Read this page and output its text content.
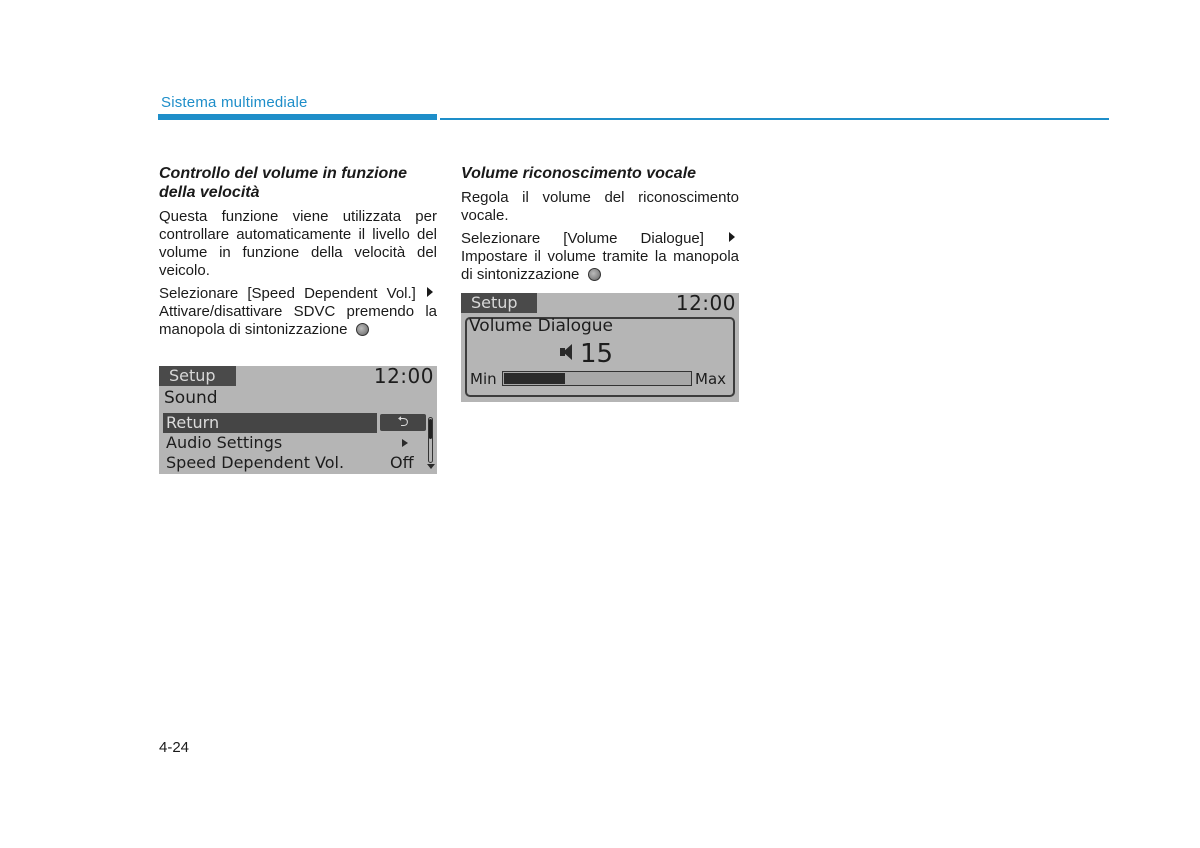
Sistema multimediale
Controllo del volume in funzione della velocità

Questa funzione viene utilizzata per controllare automaticamente il livello del volume in funzione della velocità del veicolo.

Selezionare [Speed Dependent Vol.]  Attivare/disattivare SDVC premendo la manopola di sintonizzazione

Volume riconoscimento vocale

Regola il volume del riconoscimento vocale.

Selezionare [Volume Dialogue]  Impostare il volume tramite la manopola di sintonizzazione

Setup	12:00
Sound
Return	⮌
Audio Settings
Speed Dependent Vol.	Off
Setup	12:00
Volume Dialogue
15
Min	Max
4-24
